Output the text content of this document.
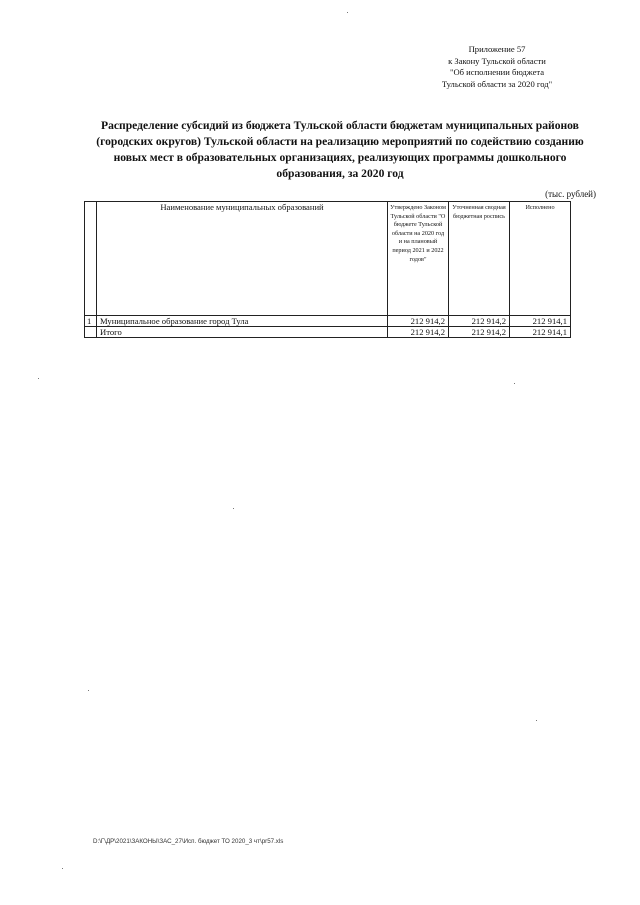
Приложение 57
к Закону Тульской области
"Об исполнении бюджета
Тульской области за 2020 год"
Распределение субсидий из бюджета Тульской области бюджетам муниципальных районов
(городских округов) Тульской области на реализацию мероприятий по содействию созданию
новых мест в образовательных организациях, реализующих программы дошкольного
образования, за 2020 год
(тыс. рублей)
	Наименование муниципальных образований	Утверждено Законом Тульской области "О бюджете Тульской области на 2020 год и на плановый период 2021 и 2022 годов"	Уточненная сводная бюджетная роспись	Исполнено
1	Муниципальное образование город Тула	212 914,2	212 914,2	212 914,1
	Итого	212 914,2	212 914,2	212 914,1
D:\Г\ДР\2021\ЗАКОНЫ\ЗАС_27\Исп. бюджет ТО 2020_3 чт\pr57.xls
